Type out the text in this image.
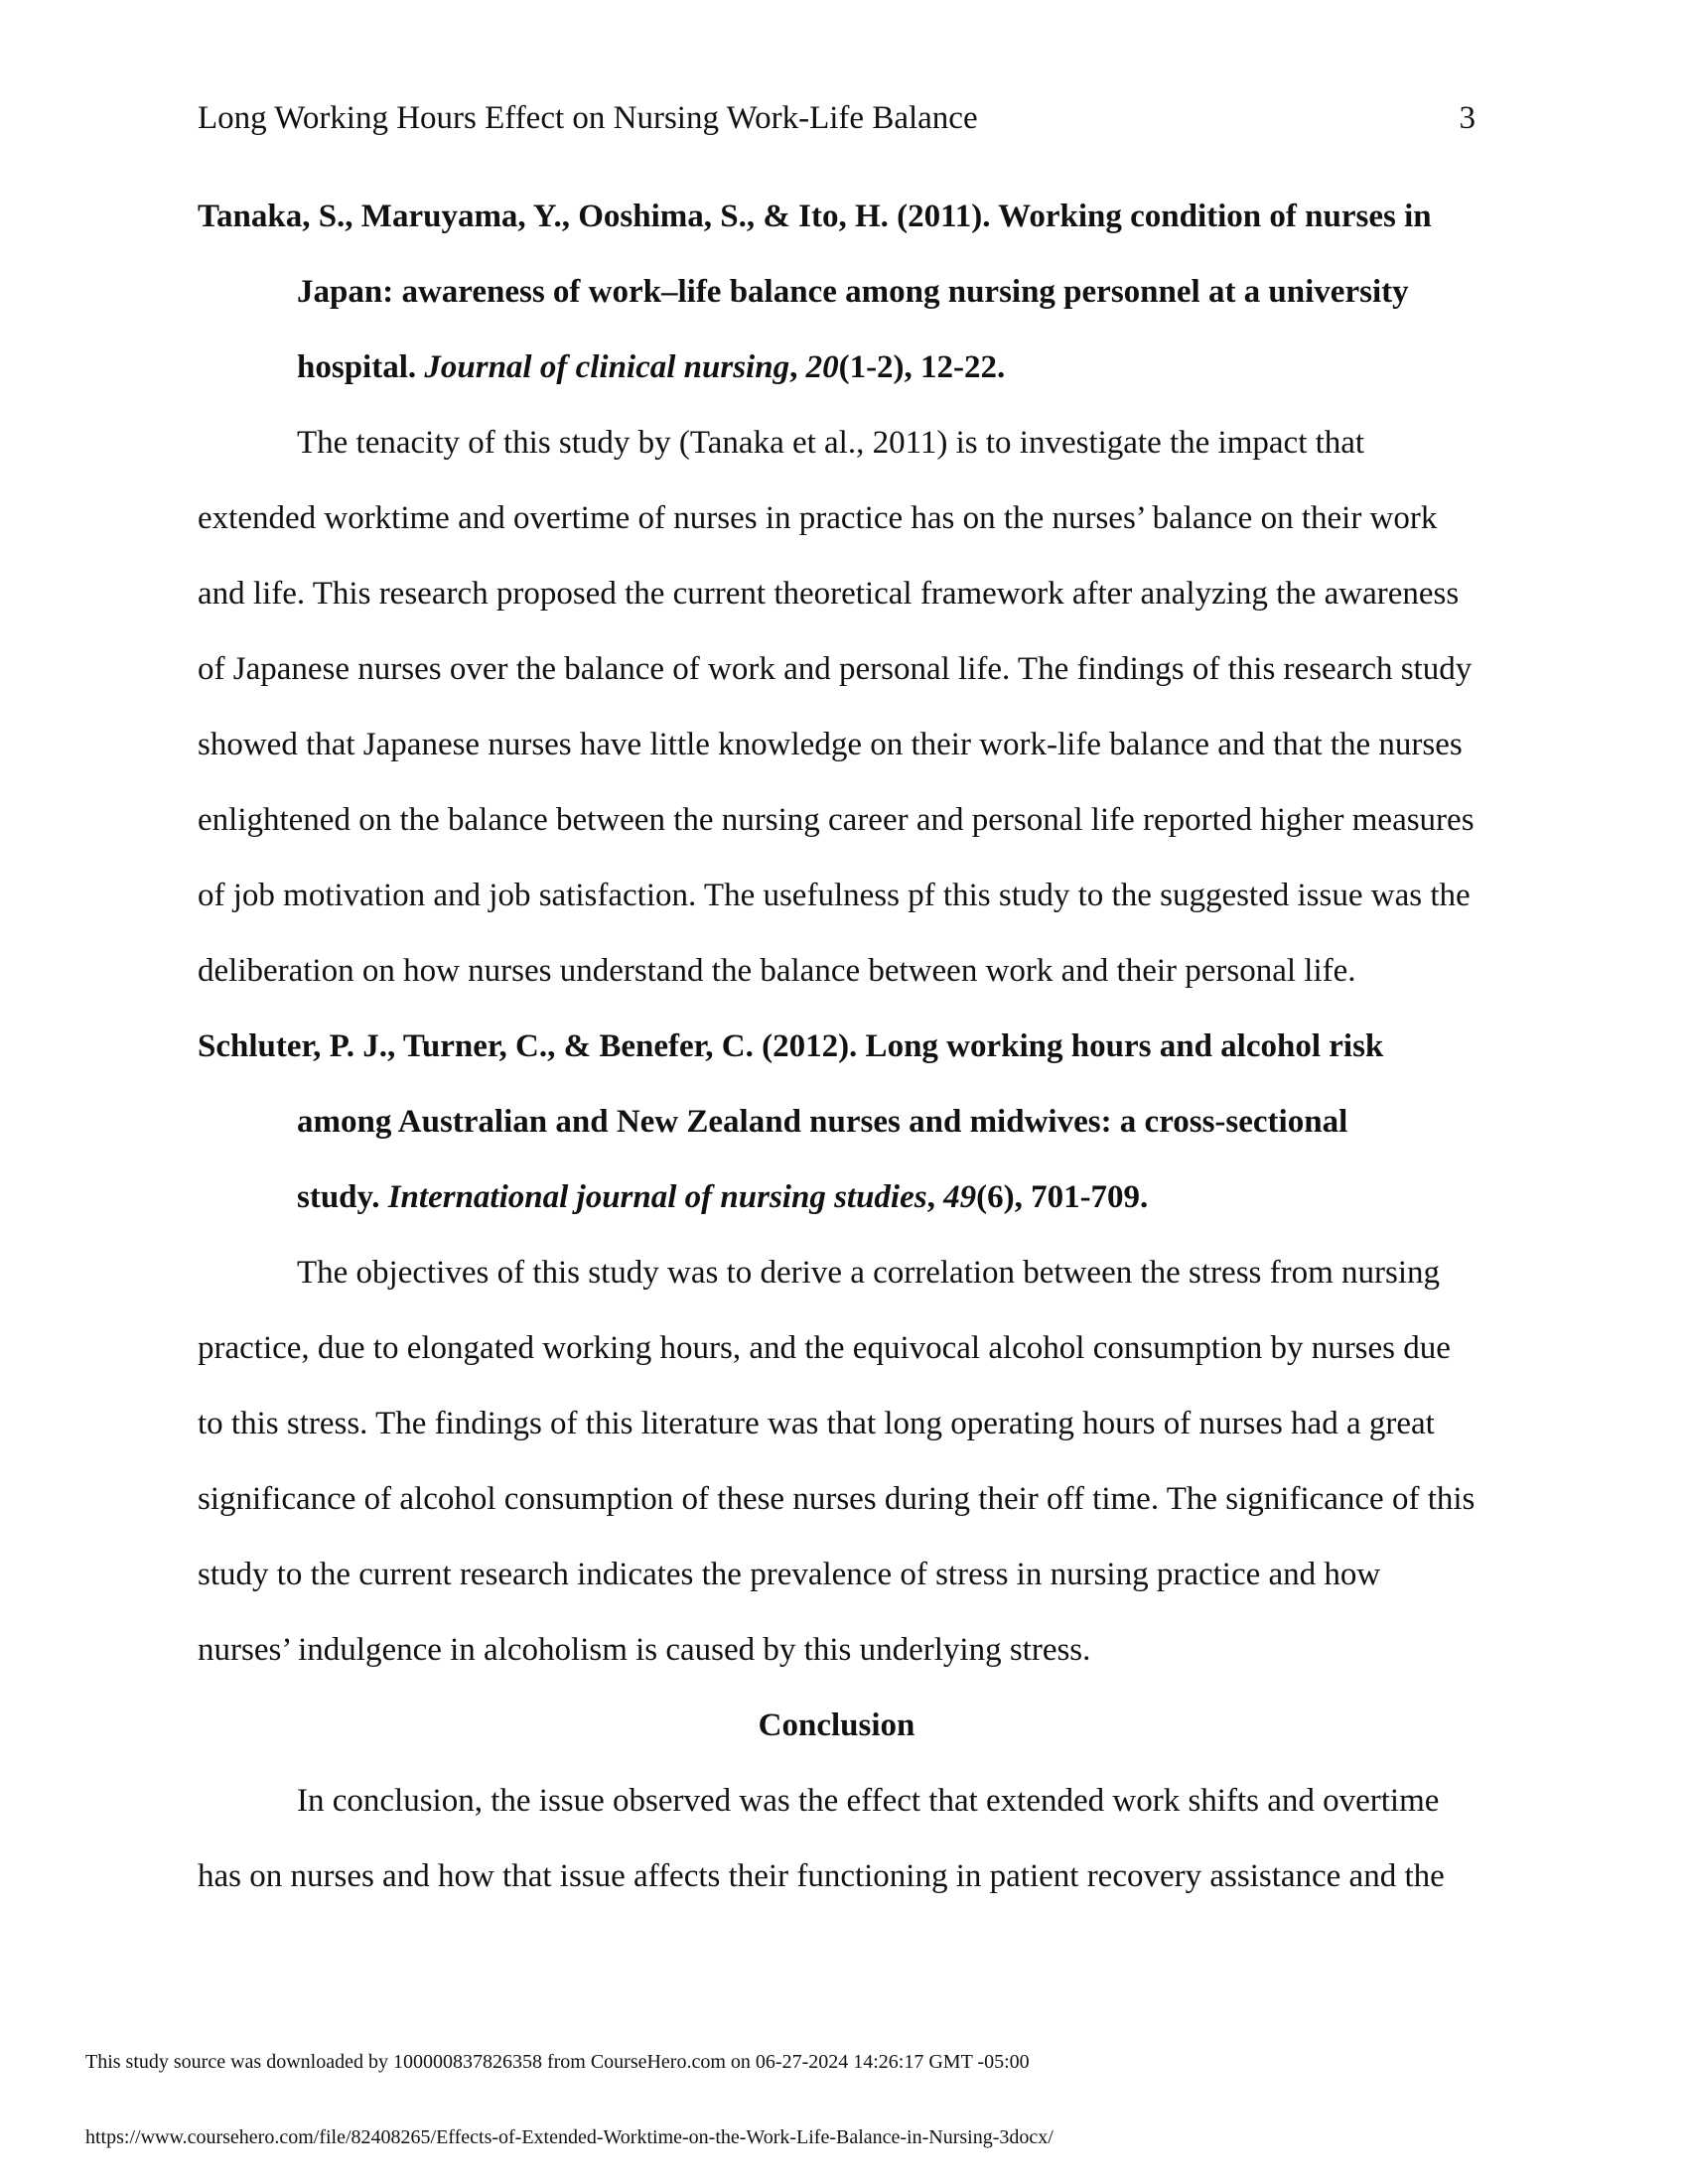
Long Working Hours Effect on Nursing Work-Life Balance	3
Tanaka, S., Maruyama, Y., Ooshima, S., & Ito, H. (2011). Working condition of nurses in
Japan: awareness of work–life balance among nursing personnel at a university
hospital. Journal of clinical nursing, 20(1-2), 12-22.
The tenacity of this study by (Tanaka et al., 2011) is to investigate the impact that
extended worktime and overtime of nurses in practice has on the nurses’ balance on their work
and life. This research proposed the current theoretical framework after analyzing the awareness
of Japanese nurses over the balance of work and personal life. The findings of this research study
showed that Japanese nurses have little knowledge on their work-life balance and that the nurses
enlightened on the balance between the nursing career and personal life reported higher measures
of job motivation and job satisfaction. The usefulness pf this study to the suggested issue was the
deliberation on how nurses understand the balance between work and their personal life.
Schluter, P. J., Turner, C., & Benefer, C. (2012). Long working hours and alcohol risk
among Australian and New Zealand nurses and midwives: a cross-sectional
study. International journal of nursing studies, 49(6), 701-709.
The objectives of this study was to derive a correlation between the stress from nursing
practice, due to elongated working hours, and the equivocal alcohol consumption by nurses due
to this stress. The findings of this literature was that long operating hours of nurses had a great
significance of alcohol consumption of these nurses during their off time. The significance of this
study to the current research indicates the prevalence of stress in nursing practice and how
nurses’ indulgence in alcoholism is caused by this underlying stress.
Conclusion
In conclusion, the issue observed was the effect that extended work shifts and overtime
has on nurses and how that issue affects their functioning in patient recovery assistance and the
This study source was downloaded by 100000837826358 from CourseHero.com on 06-27-2024 14:26:17 GMT -05:00
https://www.coursehero.com/file/82408265/Effects-of-Extended-Worktime-on-the-Work-Life-Balance-in-Nursing-3docx/
